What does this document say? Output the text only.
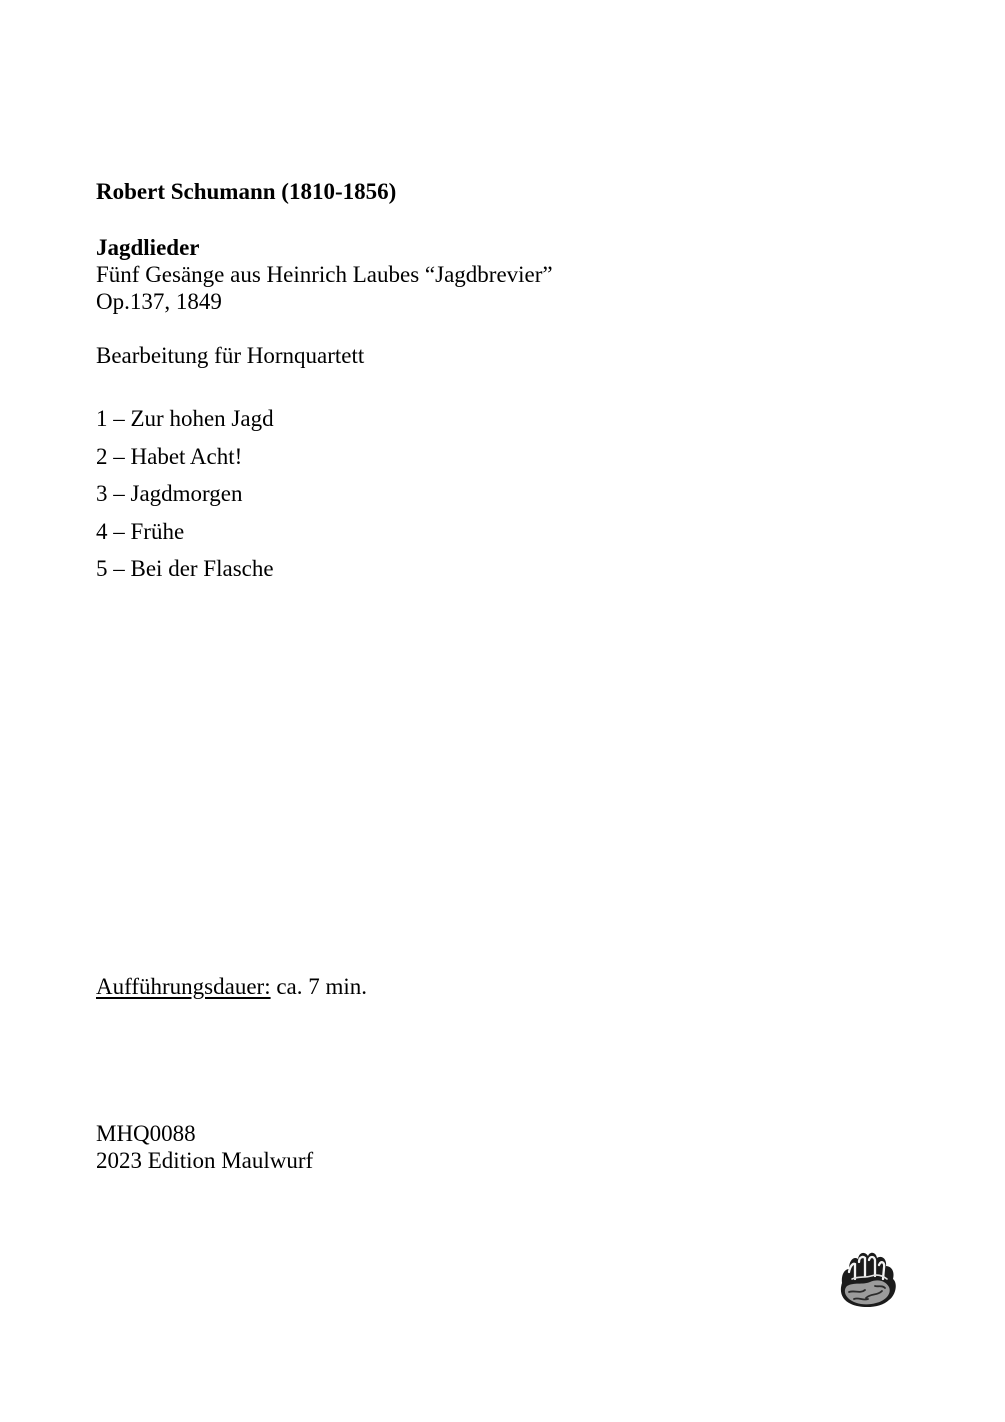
Robert Schumann (1810-1856)
Jagdlieder
Fünf Gesänge aus Heinrich Laubes “Jagdbrevier”
Op.137, 1849
Bearbeitung für Hornquartett
1 – Zur hohen Jagd
2 – Habet Acht!
3 – Jagdmorgen
4 – Frühe
5 – Bei der Flasche
Aufführungsdauer: ca. 7 min.
MHQ0088
2023 Edition Maulwurf
